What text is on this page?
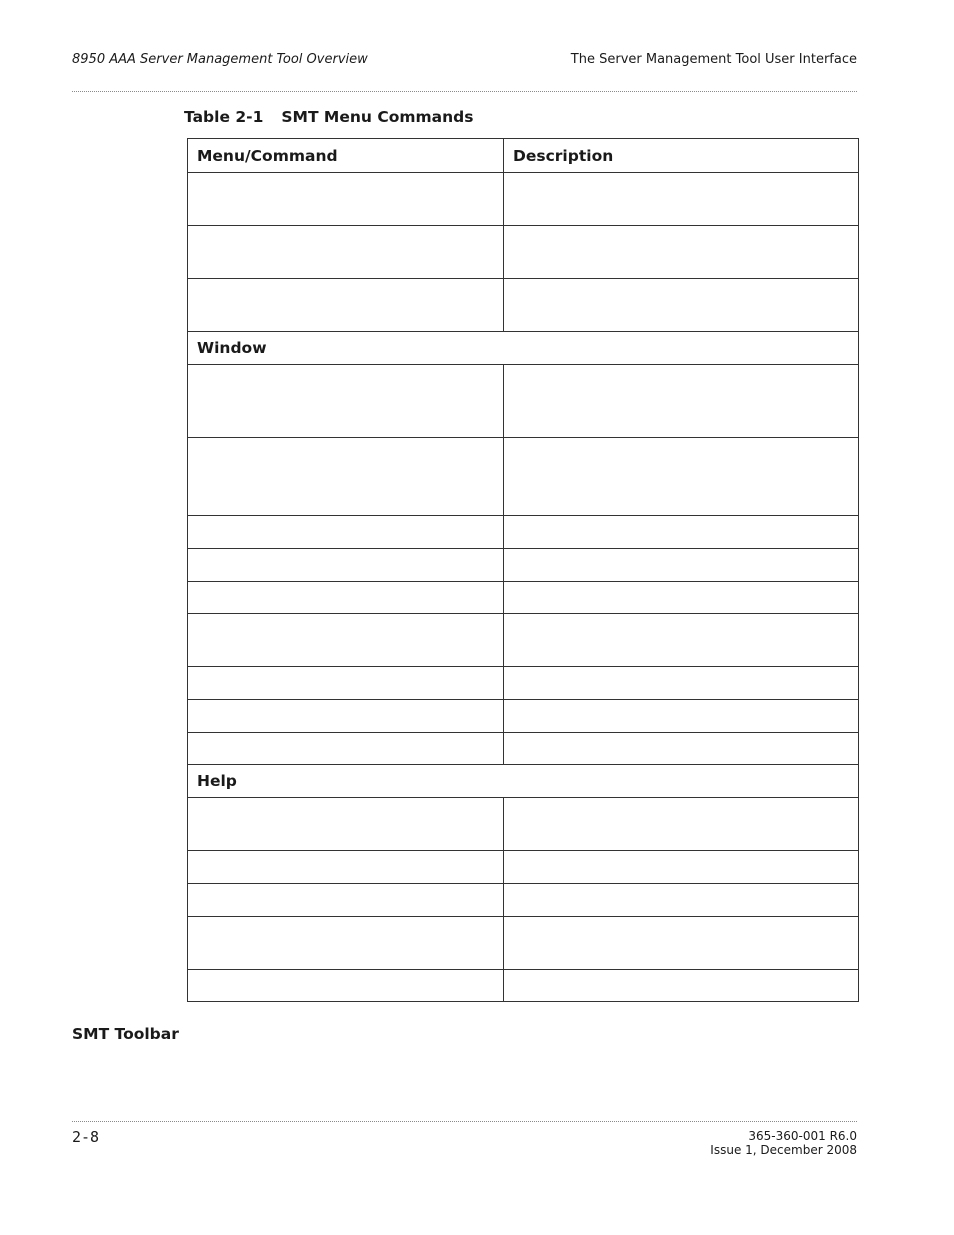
8950 AAA Server Management Tool Overview	The Server Management Tool User Interface
Table 2-1 SMT Menu Commands
Menu/Command	Description

Window	

Help	

SMT Toolbar
2-8	365-360-001 R6.0
Issue 1, December 2008
